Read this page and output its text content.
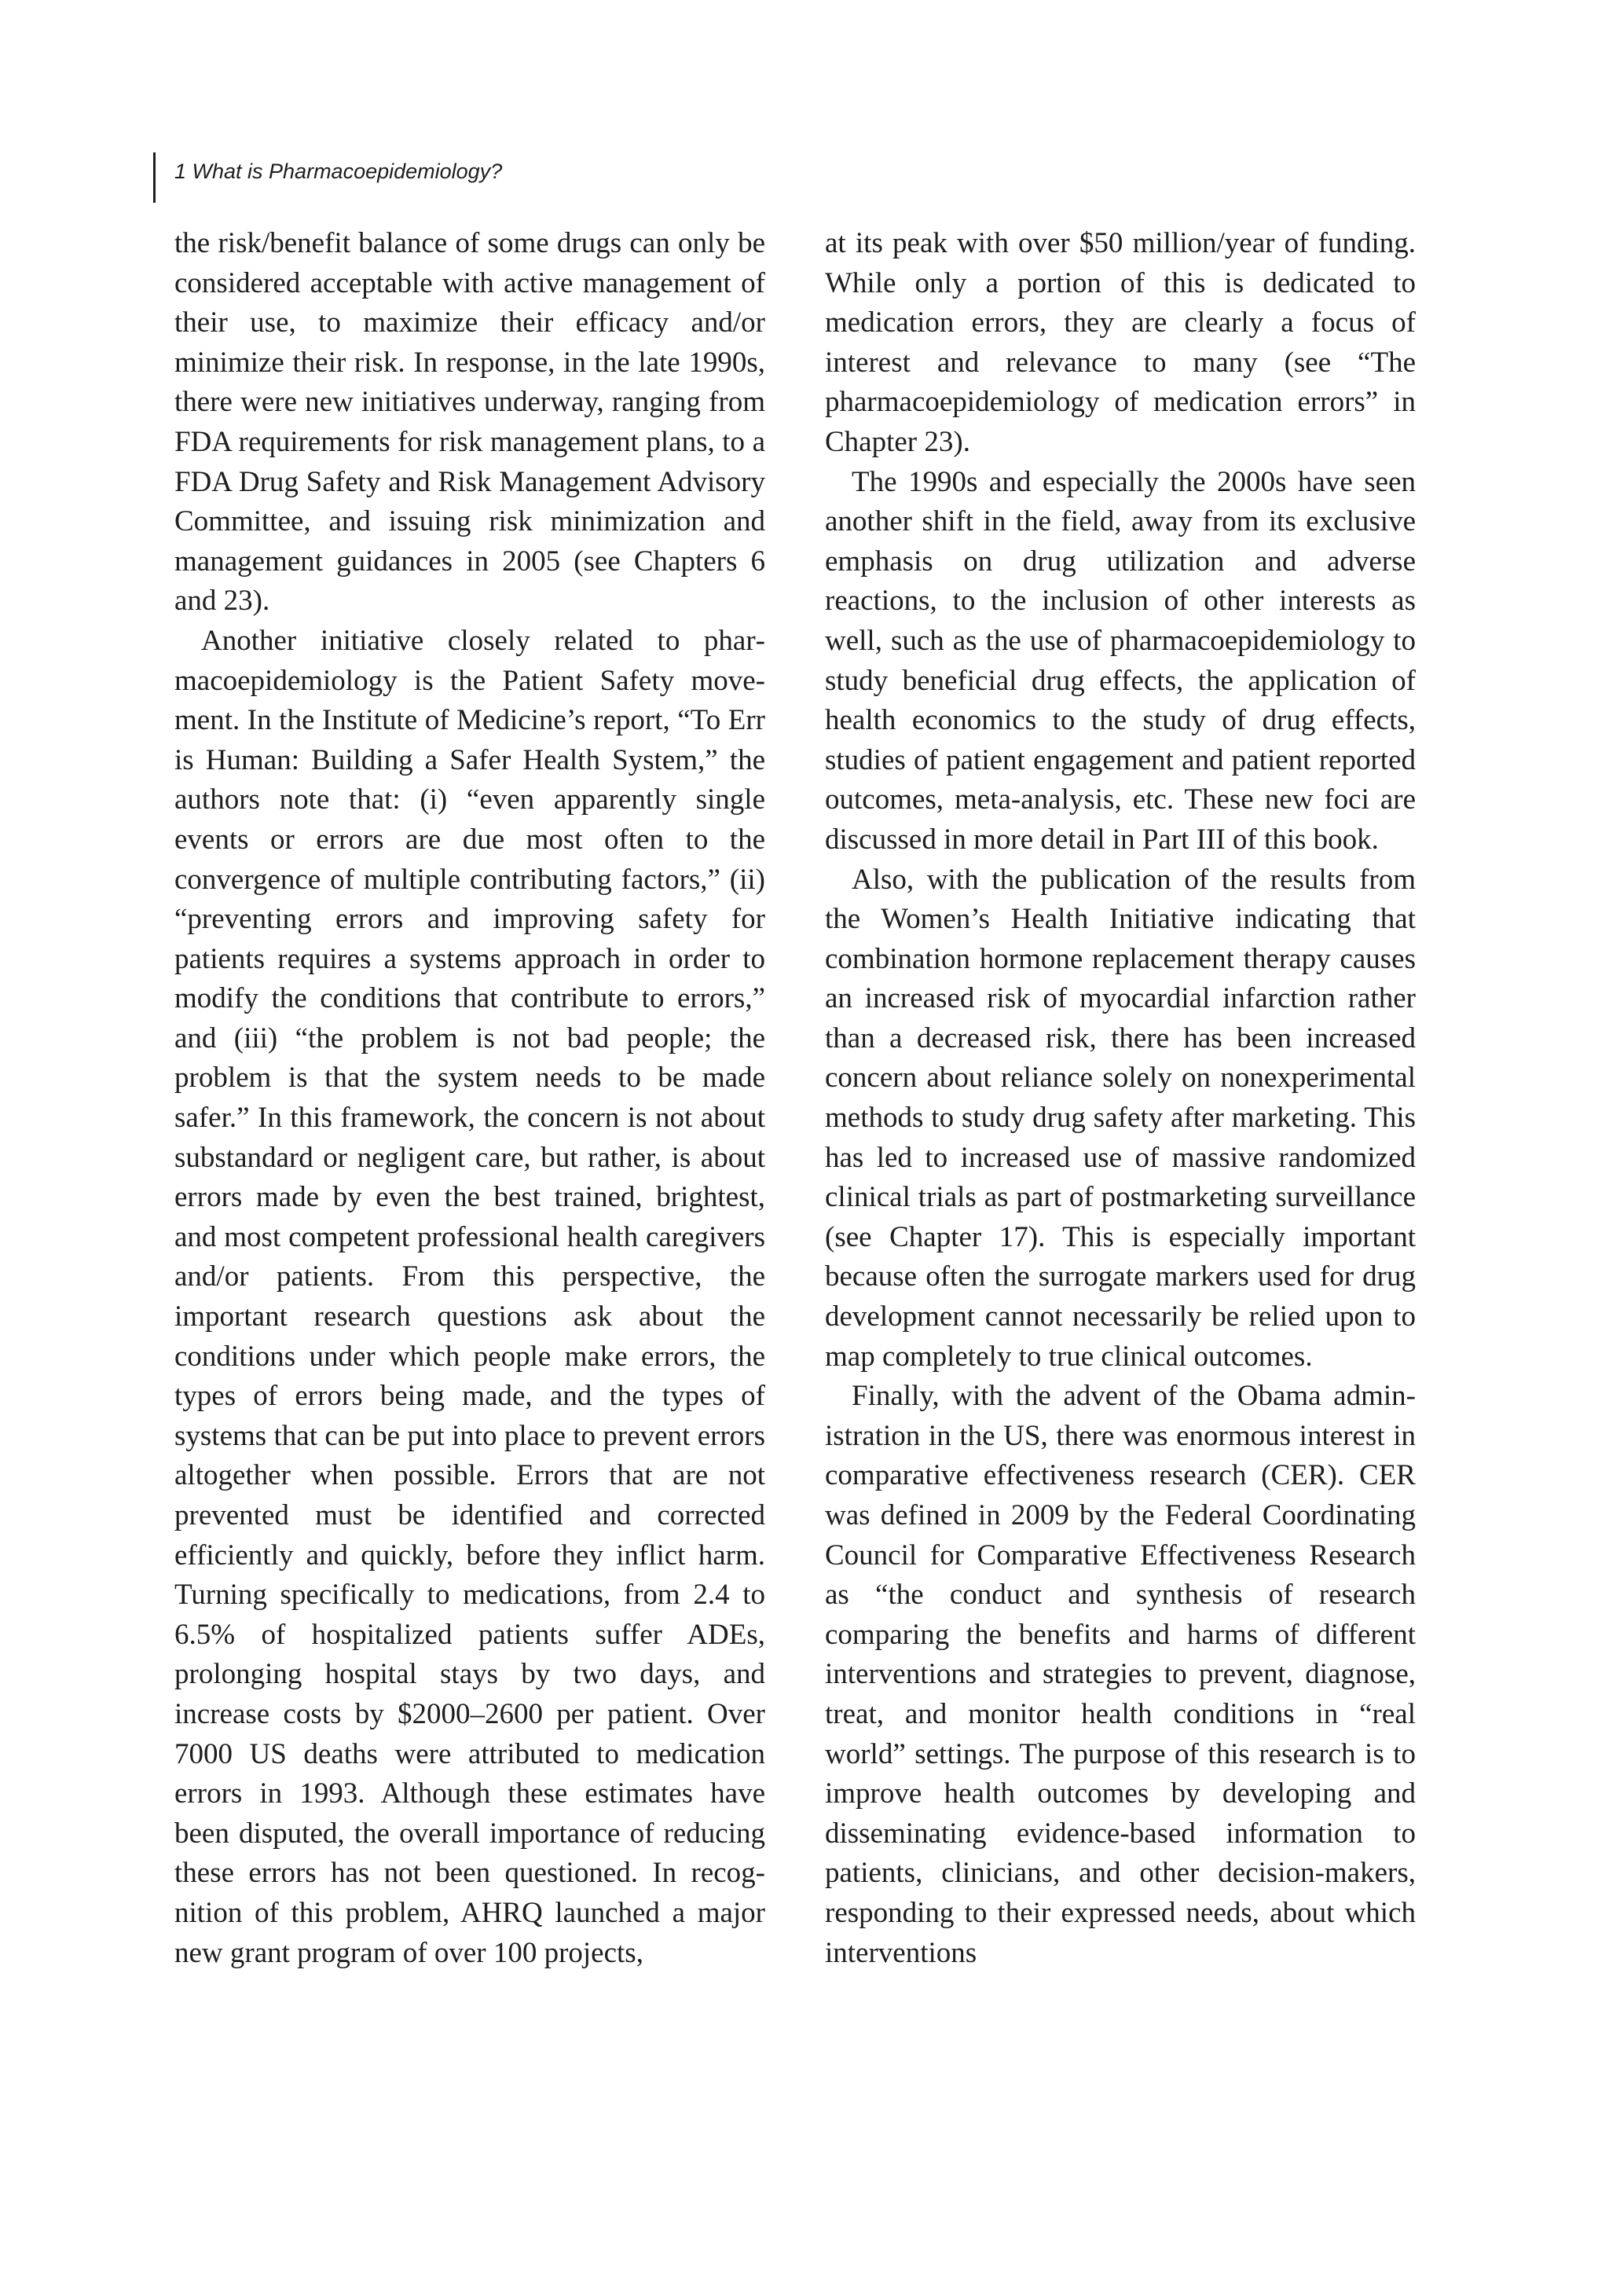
1 What is Pharmacoepidemiology?

the risk/benefit balance of some drugs can only be considered acceptable with active management of their use, to maximize their efficacy and/or minimize their risk. In response, in the late 1990s, there were new initiatives underway, ranging from FDA requirements for risk management plans, to a FDA Drug Safety and Risk Management Advisory Committee, and issuing risk minimization and management guidances in 2005 (see Chapters 6 and 23).

Another initiative closely related to pharmacoepidemiology is the Patient Safety movement. In the Institute of Medicine’s report, “To Err is Human: Building a Safer Health System,” the authors note that: (i) “even apparently single events or errors are due most often to the convergence of multiple contributing factors,” (ii) “preventing errors and improving safety for patients requires a systems approach in order to modify the conditions that contribute to errors,” and (iii) “the problem is not bad people; the problem is that the system needs to be made safer.” In this framework, the concern is not about substandard or negligent care, but rather, is about errors made by even the best trained, brightest, and most competent professional health caregivers and/or patients. From this perspective, the important research questions ask about the conditions under which people make errors, the types of errors being made, and the types of systems that can be put into place to prevent errors altogether when possible. Errors that are not prevented must be identified and corrected efficiently and quickly, before they inflict harm. Turning specifically to medications, from 2.4 to 6.5% of hospitalized patients suffer ADEs, prolonging hospital stays by two days, and increase costs by $2000–2600 per patient. Over 7000 US deaths were attributed to medication errors in 1993. Although these estimates have been disputed, the overall importance of reducing these errors has not been questioned. In recognition of this problem, AHRQ launched a major new grant program of over 100 projects,

at its peak with over $50 million/year of funding. While only a portion of this is dedicated to medication errors, they are clearly a focus of interest and relevance to many (see “The pharmacoepidemiology of medication errors” in Chapter 23).

The 1990s and especially the 2000s have seen another shift in the field, away from its exclusive emphasis on drug utilization and adverse reactions, to the inclusion of other interests as well, such as the use of pharmacoepidemiology to study beneficial drug effects, the application of health economics to the study of drug effects, studies of patient engagement and patient reported outcomes, meta-analysis, etc. These new foci are discussed in more detail in Part III of this book.

Also, with the publication of the results from the Women’s Health Initiative indicating that combination hormone replacement therapy causes an increased risk of myocardial infarction rather than a decreased risk, there has been increased concern about reliance solely on nonexperimental methods to study drug safety after marketing. This has led to increased use of massive randomized clinical trials as part of postmarketing surveillance (see Chapter 17). This is especially important because often the surrogate markers used for drug development cannot necessarily be relied upon to map completely to true clinical outcomes.

Finally, with the advent of the Obama administration in the US, there was enormous interest in comparative effectiveness research (CER). CER was defined in 2009 by the Federal Coordinating Council for Comparative Effectiveness Research as “the conduct and synthesis of research comparing the benefits and harms of different interventions and strategies to prevent, diagnose, treat, and monitor health conditions in “real world” settings. The purpose of this research is to improve health outcomes by developing and disseminating evidence-based information to patients, clinicians, and other decision-makers, responding to their expressed needs, about which interventions
